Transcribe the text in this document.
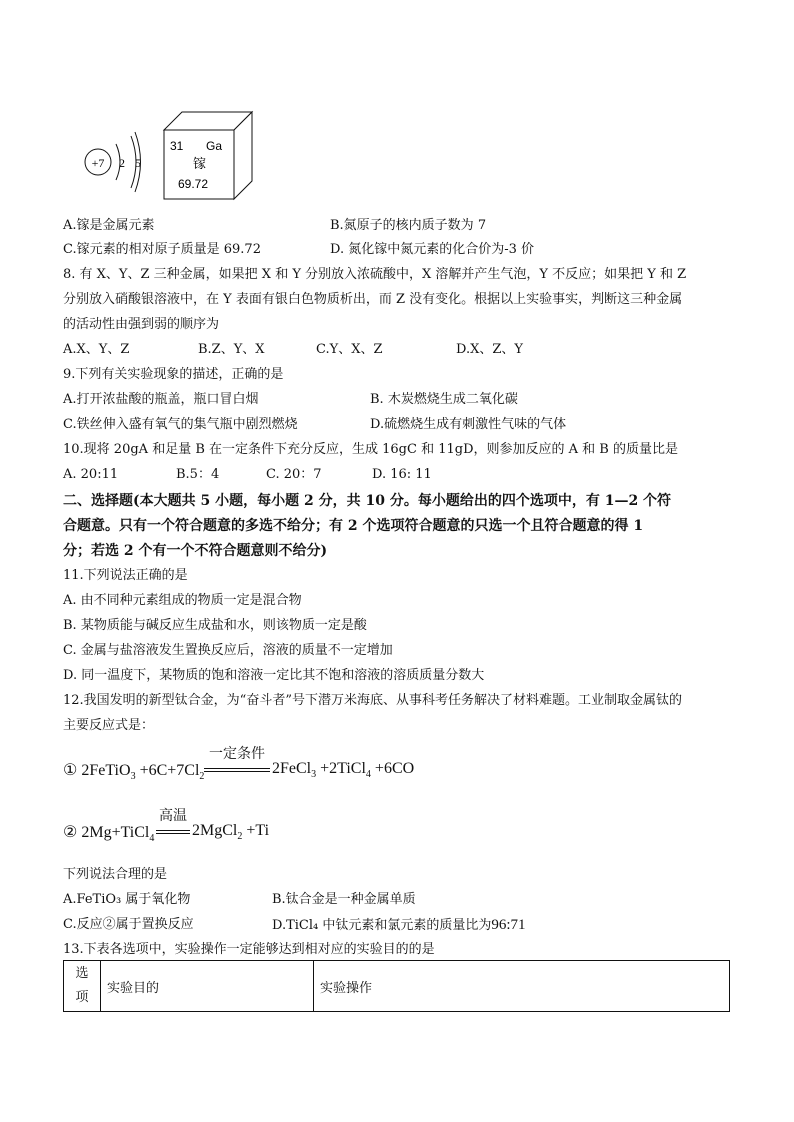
+7 2 5
31 Ga
镓
69.72
A.镓是金属元素	B.氮原子的核内质子数为 7
C.镓元素的相对原子质量是 69.72	D. 氮化镓中氮元素的化合价为-3 价
8. 有 X、Y、Z 三种金属，如果把 X 和 Y 分别放入浓硫酸中，X 溶解并产生气泡，Y 不反应；如果把 Y 和 Z
分别放入硝酸银溶液中，在 Y 表面有银白色物质析出，而 Z 没有变化。根据以上实验事实，判断这三种金属
的活动性由强到弱的顺序为
A.X、Y、Z	B.Z、Y、X	C.Y、X、Z	D.X、Z、Y
9.下列有关实验现象的描述，正确的是
A.打开浓盐酸的瓶盖，瓶口冒白烟	B. 木炭燃烧生成二氧化碳
C.铁丝伸入盛有氧气的集气瓶中剧烈燃烧	D.硫燃烧生成有刺激性气味的气体
10.现将 20gA 和足量 B 在一定条件下充分反应，生成 16gC 和 11gD，则参加反应的 A 和 B 的质量比是
A. 20:11	B.5：4	C. 20：7	D. 16: 11
二、选择题(本大题共 5 小题，每小题 2 分，共 10 分。每小题给出的四个选项中，有 1—2 个符
合题意。只有一个符合题意的多选不给分；有 2 个选项符合题意的只选一个且符合题意的得 1
分；若选 2 个有一个不符合题意则不给分)
11.下列说法正确的是
A. 由不同种元素组成的物质一定是混合物
B. 某物质能与碱反应生成盐和水，则该物质一定是酸
C. 金属与盐溶液发生置换反应后，溶液的质量不一定增加
D. 同一温度下，某物质的饱和溶液一定比其不饱和溶液的溶质质量分数大
12.我国发明的新型钛合金，为“奋斗者”号下潜万米海底、从事科考任务解决了材料难题。工业制取金属钛的
主要反应式是：
① 2FeTiO$_3$ $+6C+7Cl_2$
一定条件
2FeCl$_3$ +2TiCl$_4$ +6CO
② 2Mg+TiCl$_4$
高温
2MgCl$_2$ +Ti
下列说法合理的是
A.FeTiO₃ 属于氧化物	B.钛合金是一种金属单质
C.反应②属于置换反应	D.TiCl₄ 中钛元素和氯元素的质量比为96:71
13.下表各选项中，实验操作一定能够达到相对应的实验目的的是
选项	实验目的	实验操作
